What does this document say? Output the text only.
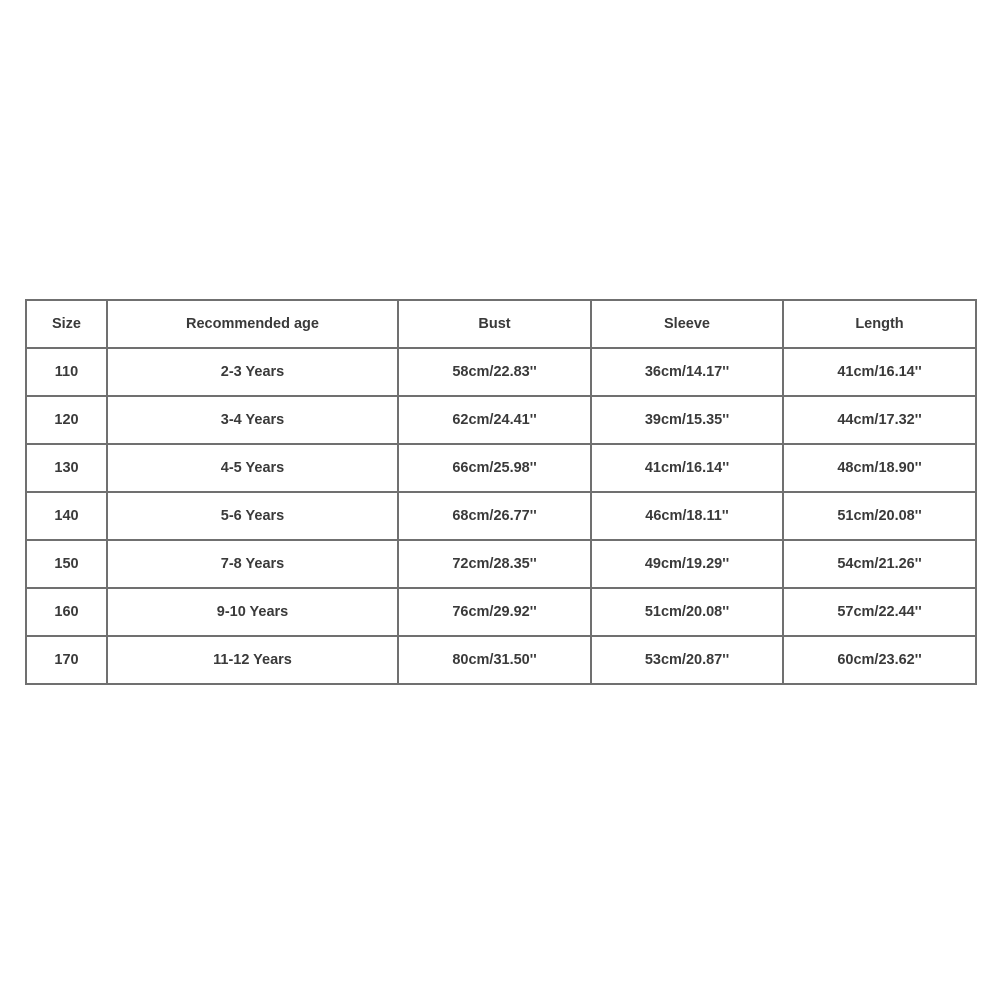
Size	Recommended age	Bust	Sleeve	Length
110	2-3 Years	58cm/22.83''	36cm/14.17''	41cm/16.14''
120	3-4 Years	62cm/24.41''	39cm/15.35''	44cm/17.32''
130	4-5 Years	66cm/25.98''	41cm/16.14''	48cm/18.90''
140	5-6 Years	68cm/26.77''	46cm/18.11''	51cm/20.08''
150	7-8 Years	72cm/28.35''	49cm/19.29''	54cm/21.26''
160	9-10 Years	76cm/29.92''	51cm/20.08''	57cm/22.44''
170	11-12 Years	80cm/31.50''	53cm/20.87''	60cm/23.62''
